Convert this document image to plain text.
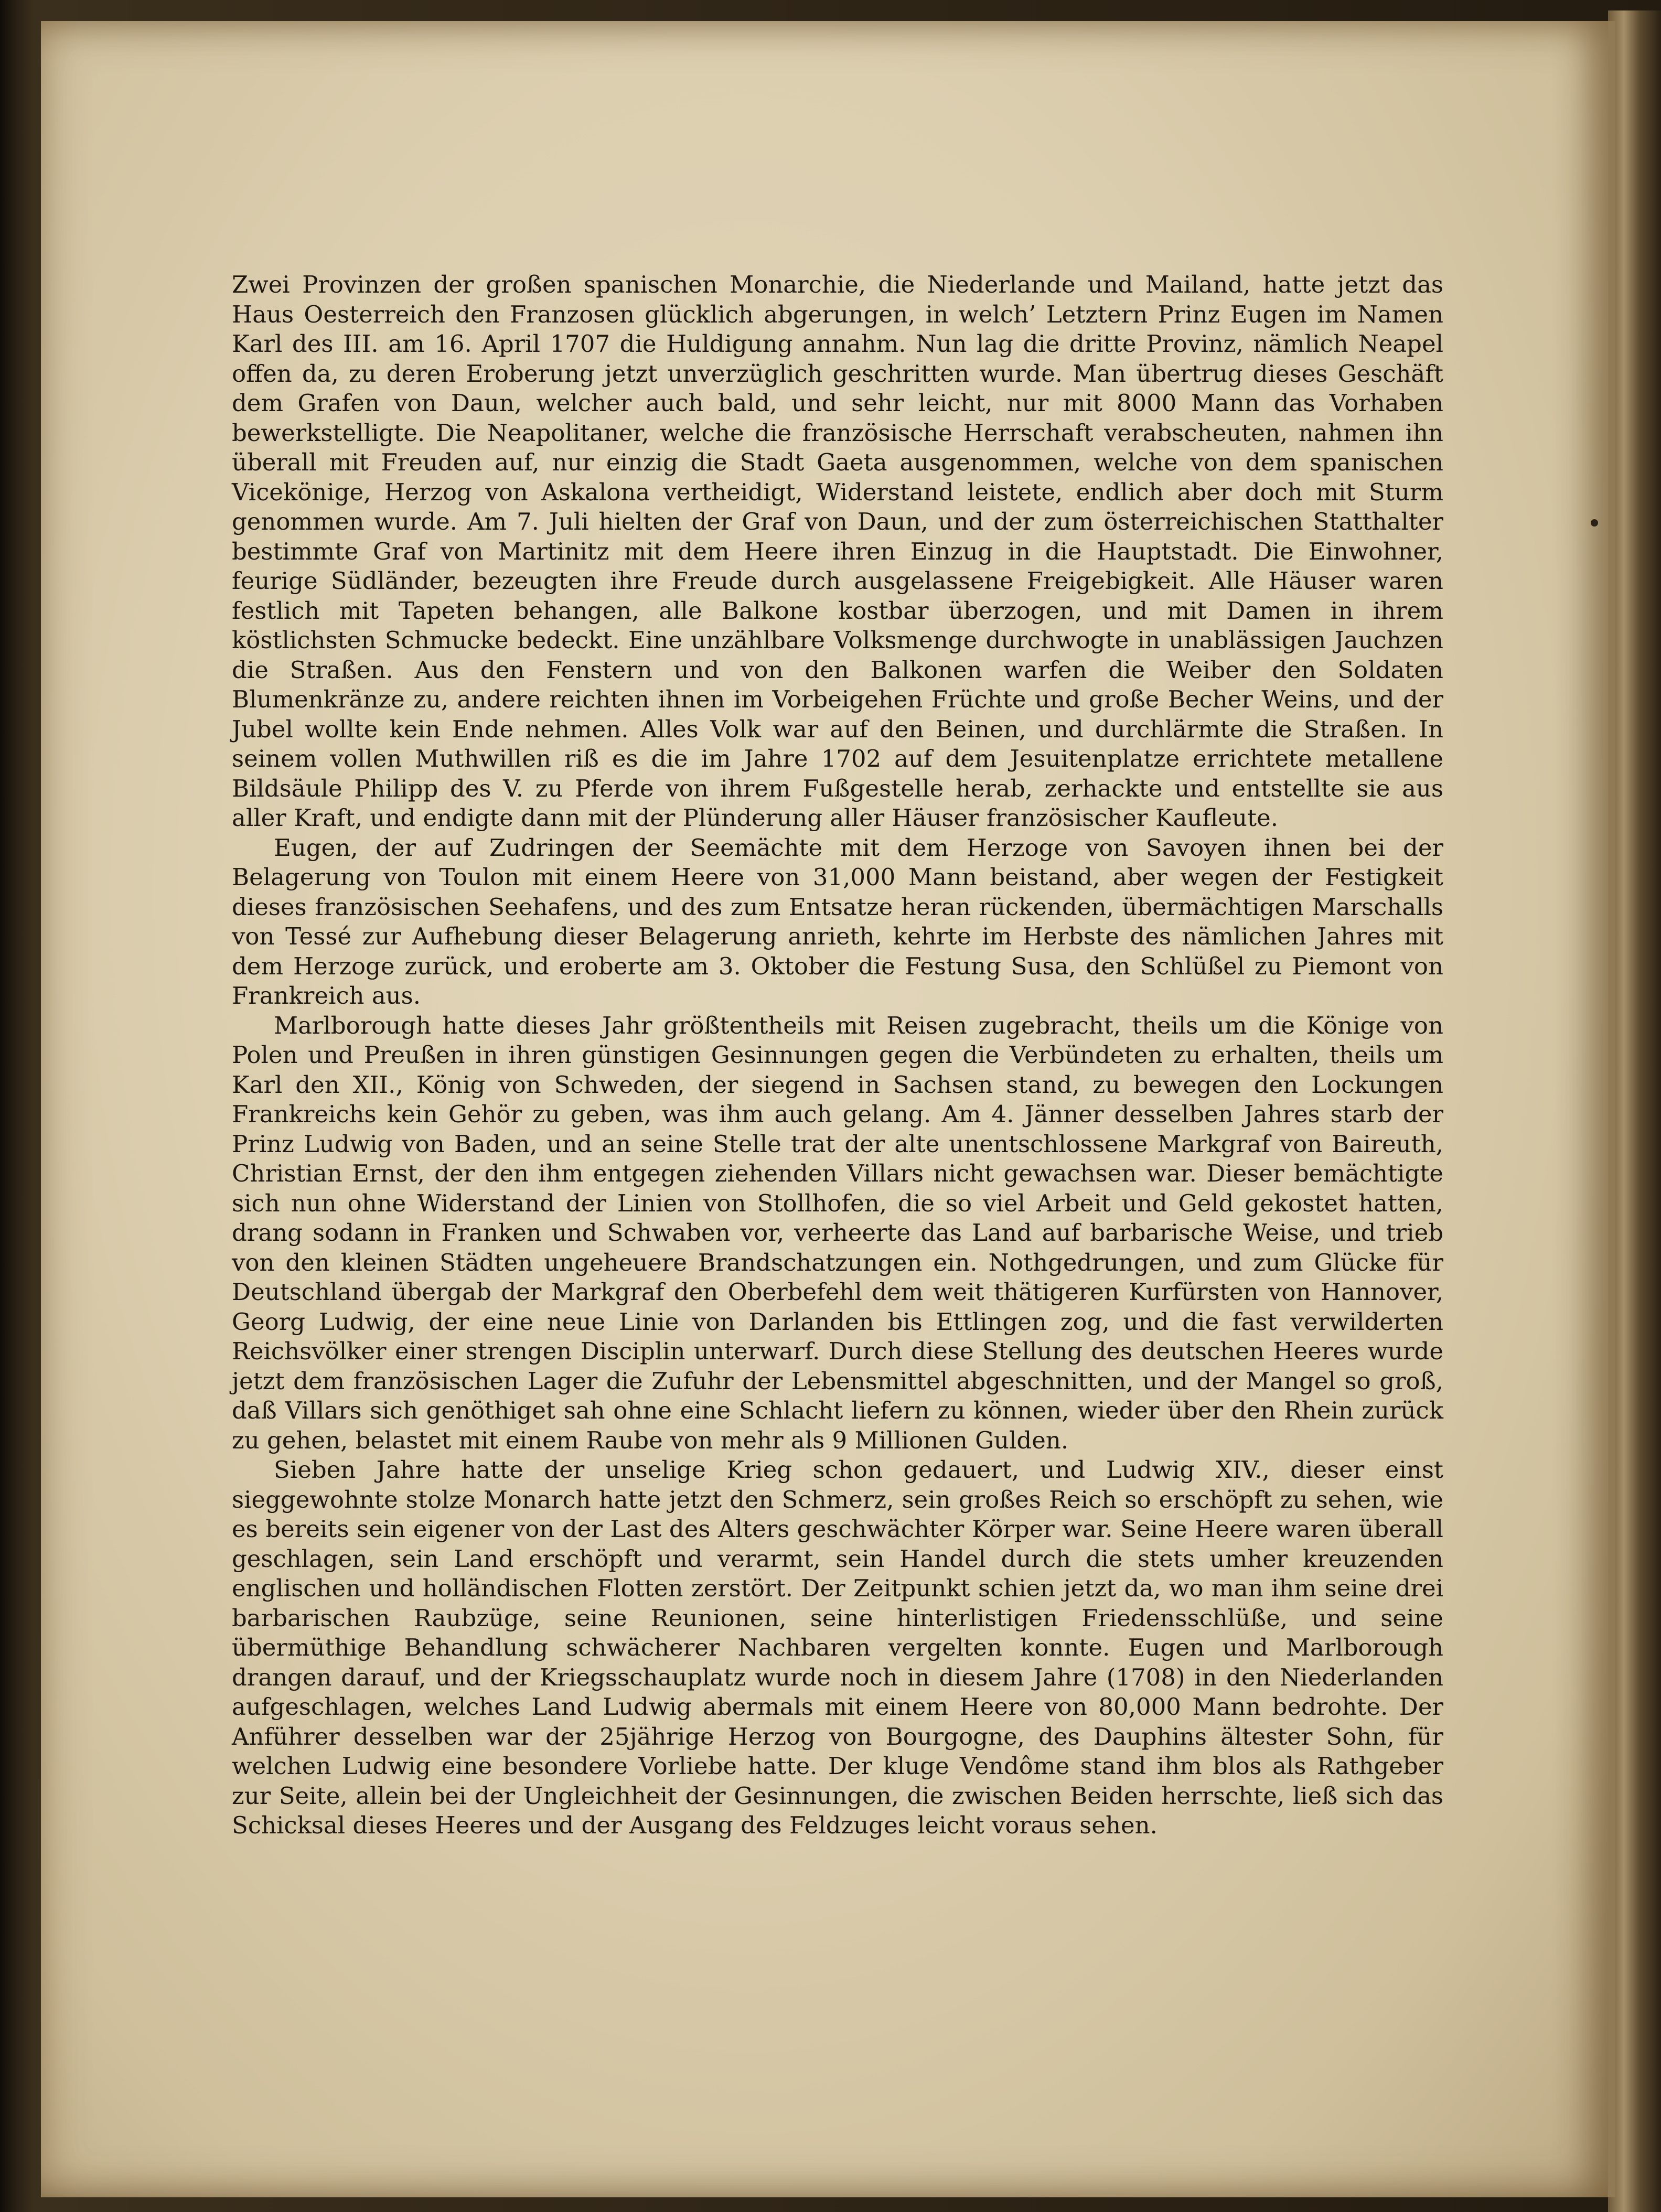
Zwei Provinzen der großen spanischen Monarchie, die Niederlande und Mailand, hatte jetzt das Haus Oesterreich den Franzosen glücklich abgerungen, in welch’ Letztern Prinz Eugen im Namen Karl des III. am 16. April 1707 die Huldigung annahm. Nun lag die dritte Provinz, nämlich Neapel offen da, zu deren Eroberung jetzt unverzüglich geschritten wurde. Man übertrug dieses Geschäft dem Grafen von Daun, welcher auch bald, und sehr leicht, nur mit 8000 Mann das Vorhaben bewerkstelligte. Die Neapolitaner, welche die französische Herrschaft verabscheuten, nahmen ihn überall mit Freuden auf, nur einzig die Stadt Gaeta ausgenommen, welche von dem spanischen Vicekönige, Herzog von Askalona vertheidigt, Widerstand leistete, endlich aber doch mit Sturm genommen wurde. Am 7. Juli hielten der Graf von Daun, und der zum österreichischen Statthalter bestimmte Graf von Martinitz mit dem Heere ihren Einzug in die Hauptstadt. Die Einwohner, feurige Südländer, bezeugten ihre Freude durch ausgelassene Freigebigkeit. Alle Häuser waren festlich mit Tapeten behangen, alle Balkone kostbar überzogen, und mit Damen in ihrem köstlichsten Schmucke bedeckt. Eine unzählbare Volksmenge durchwogte in unablässigen Jauchzen die Straßen. Aus den Fenstern und von den Balkonen warfen die Weiber den Soldaten Blumenkränze zu, andere reichten ihnen im Vorbeigehen Früchte und große Becher Weins, und der Jubel wollte kein Ende nehmen. Alles Volk war auf den Beinen, und durchlärmte die Straßen. In seinem vollen Muthwillen riß es die im Jahre 1702 auf dem Jesuitenplatze errichtete metallene Bildsäule Philipp des V. zu Pferde von ihrem Fußgestelle herab, zerhackte und entstellte sie aus aller Kraft, und endigte dann mit der Plünderung aller Häuser französischer Kaufleute.

Eugen, der auf Zudringen der Seemächte mit dem Herzoge von Savoyen ihnen bei der Belagerung von Toulon mit einem Heere von 31,000 Mann beistand, aber wegen der Festigkeit dieses französischen Seehafens, und des zum Entsatze heran rückenden, übermächtigen Marschalls von Tessé zur Aufhebung dieser Belagerung anrieth, kehrte im Herbste des nämlichen Jahres mit dem Herzoge zurück, und eroberte am 3. Oktober die Festung Susa, den Schlüßel zu Piemont von Frankreich aus.

Marlborough hatte dieses Jahr größtentheils mit Reisen zugebracht, theils um die Könige von Polen und Preußen in ihren günstigen Gesinnungen gegen die Verbündeten zu erhalten, theils um Karl den XII., König von Schweden, der siegend in Sachsen stand, zu bewegen den Lockungen Frankreichs kein Gehör zu geben, was ihm auch gelang. Am 4. Jänner desselben Jahres starb der Prinz Ludwig von Baden, und an seine Stelle trat der alte unentschlossene Markgraf von Baireuth, Christian Ernst, der den ihm entgegen ziehenden Villars nicht gewachsen war. Dieser bemächtigte sich nun ohne Widerstand der Linien von Stollhofen, die so viel Arbeit und Geld gekostet hatten, drang sodann in Franken und Schwaben vor, verheerte das Land auf barbarische Weise, und trieb von den kleinen Städten ungeheuere Brandschatzungen ein. Nothgedrungen, und zum Glücke für Deutschland übergab der Markgraf den Oberbefehl dem weit thätigeren Kurfürsten von Hannover, Georg Ludwig, der eine neue Linie von Darlanden bis Ettlingen zog, und die fast verwilderten Reichsvölker einer strengen Disciplin unterwarf. Durch diese Stellung des deutschen Heeres wurde jetzt dem französischen Lager die Zufuhr der Lebensmittel abgeschnitten, und der Mangel so groß, daß Villars sich genöthiget sah ohne eine Schlacht liefern zu können, wieder über den Rhein zurück zu gehen, belastet mit einem Raube von mehr als 9 Millionen Gulden.

Sieben Jahre hatte der unselige Krieg schon gedauert, und Ludwig XIV., dieser einst sieggewohnte stolze Monarch hatte jetzt den Schmerz, sein großes Reich so erschöpft zu sehen, wie es bereits sein eigener von der Last des Alters geschwächter Körper war. Seine Heere waren überall geschlagen, sein Land erschöpft und verarmt, sein Handel durch die stets umher kreuzenden englischen und holländischen Flotten zerstört. Der Zeitpunkt schien jetzt da, wo man ihm seine drei barbarischen Raubzüge, seine Reunionen, seine hinterlistigen Friedensschlüße, und seine übermüthige Behandlung schwächerer Nachbaren vergelten konnte. Eugen und Marlborough drangen darauf, und der Kriegsschauplatz wurde noch in diesem Jahre (1708) in den Niederlanden aufgeschlagen, welches Land Ludwig abermals mit einem Heere von 80,000 Mann bedrohte. Der Anführer desselben war der 25jährige Herzog von Bourgogne, des Dauphins ältester Sohn, für welchen Ludwig eine besondere Vorliebe hatte. Der kluge Vendôme stand ihm blos als Rathgeber zur Seite, allein bei der Ungleichheit der Gesinnungen, die zwischen Beiden herrschte, ließ sich das Schicksal dieses Heeres und der Ausgang des Feldzuges leicht voraus sehen.
